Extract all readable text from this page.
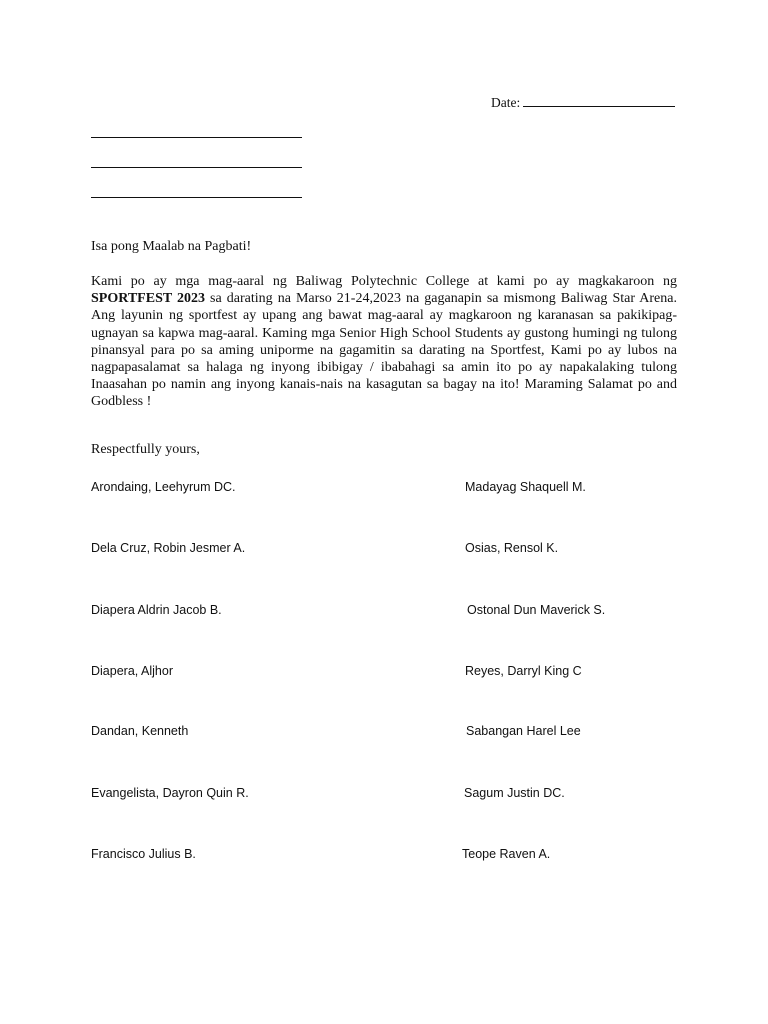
Date:
Isa pong Maalab na Pagbati!
Kami po ay mga mag-aaral ng Baliwag Polytechnic College at kami po ay magkakaroon ng SPORTFEST 2023 sa darating na Marso 21-24,2023 na gaganapin sa mismong Baliwag Star Arena. Ang layunin ng sportfest ay upang ang bawat mag-aaral ay magkaroon ng karanasan sa pakikipag-ugnayan sa kapwa mag-aaral. Kaming mga Senior High School Students ay gustong humingi ng tulong pinansyal para po sa aming uniporme na gagamitin sa darating na Sportfest, Kami po ay lubos na nagpapasalamat sa halaga ng inyong ibibigay / ibabahagi sa amin ito po ay napakalaking tulong Inaasahan po namin ang inyong kanais-nais na kasagutan sa bagay na ito! Maraming Salamat po and Godbless !
Respectfully yours,
Arondaing, Leehyrum DC.
Dela Cruz, Robin Jesmer A.
Diapera Aldrin Jacob B.
Diapera, Aljhor
Dandan, Kenneth
Evangelista, Dayron Quin R.
Francisco Julius B.
Madayag Shaquell M.
Osias, Rensol K.
Ostonal Dun Maverick S.
Reyes, Darryl King C
Sabangan Harel Lee
Sagum Justin DC.
Teope Raven A.
